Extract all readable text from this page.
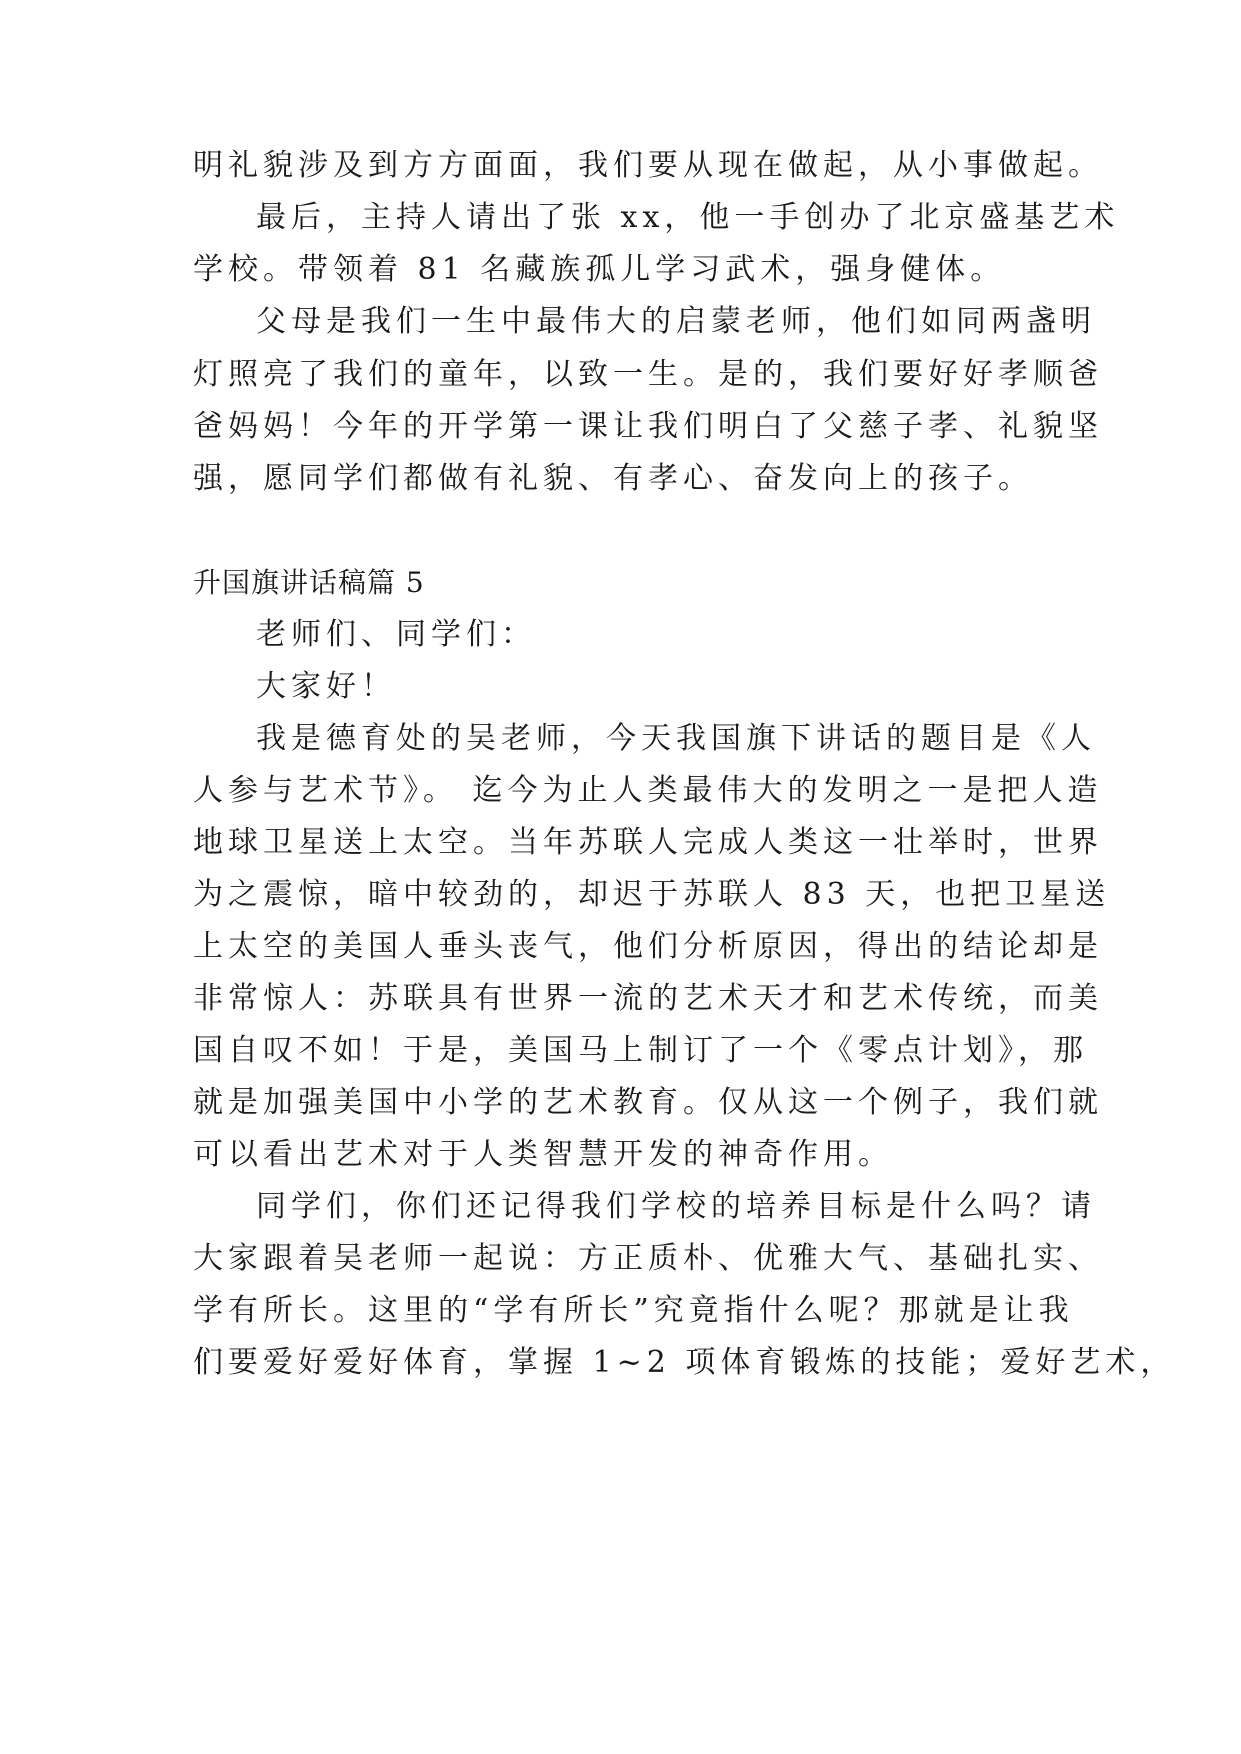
明礼貌涉及到方方面面，我们要从现在做起，从小事做起。
最后，主持人请出了张 xx，他一手创办了北京盛基艺术
学校。带领着 81 名藏族孤儿学习武术，强身健体。
父母是我们一生中最伟大的启蒙老师，他们如同两盏明
灯照亮了我们的童年，以致一生。是的，我们要好好孝顺爸
爸妈妈！今年的开学第一课让我们明白了父慈子孝、礼貌坚
强，愿同学们都做有礼貌、有孝心、奋发向上的孩子。
升国旗讲话稿篇 5
老师们、同学们：
大家好！
我是德育处的吴老师，今天我国旗下讲话的题目是《人
人参与艺术节》。 迄今为止人类最伟大的发明之一是把人造
地球卫星送上太空。当年苏联人完成人类这一壮举时，世界
为之震惊，暗中较劲的，却迟于苏联人 83 天，也把卫星送
上太空的美国人垂头丧气，他们分析原因，得出的结论却是
非常惊人：苏联具有世界一流的艺术天才和艺术传统，而美
国自叹不如！于是，美国马上制订了一个《零点计划》，那
就是加强美国中小学的艺术教育。仅从这一个例子，我们就
可以看出艺术对于人类智慧开发的神奇作用。
同学们，你们还记得我们学校的培养目标是什么吗？请
大家跟着吴老师一起说：方正质朴、优雅大气、基础扎实、
学有所长。这里的“学有所长”究竟指什么呢？那就是让我
们要爱好爱好体育，掌握 1~2 项体育锻炼的技能；爱好艺术，
